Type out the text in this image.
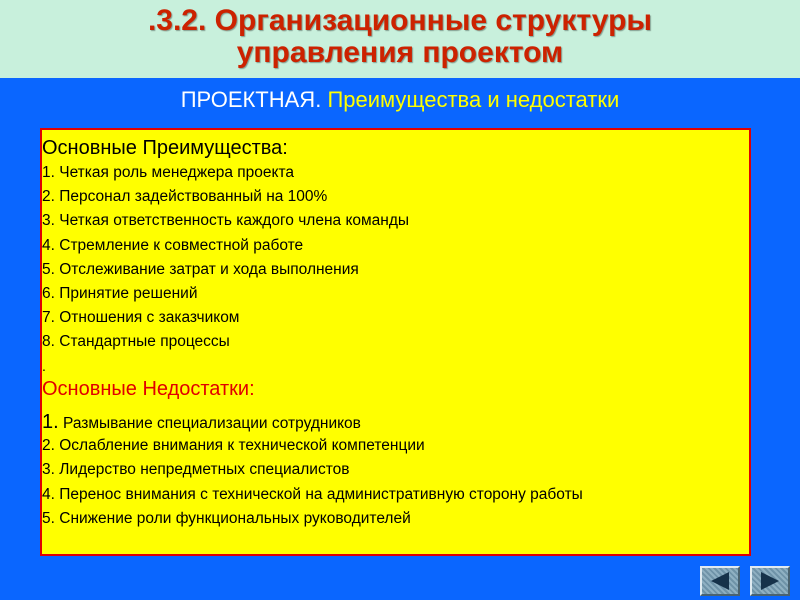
.3.2. Организационные структуры
управления проектом
ПРОЕКТНАЯ. Преимущества и недостатки
Основные Преимущества:
1. Четкая роль менеджера проекта
2. Персонал задействованный на 100%
3. Четкая ответственность каждого члена команды
4. Стремление к совместной работе
5. Отслеживание затрат и хода выполнения
6. Принятие решений
7. Отношения с заказчиком
8. Стандартные процессы
.
Основные Недостатки:
1. Размывание специализации сотрудников
2. Ослабление внимания к технической компетенции
3. Лидерство непредметных специалистов
4. Перенос внимания с технической на административную сторону работы
5. Снижение роли функциональных руководителей
